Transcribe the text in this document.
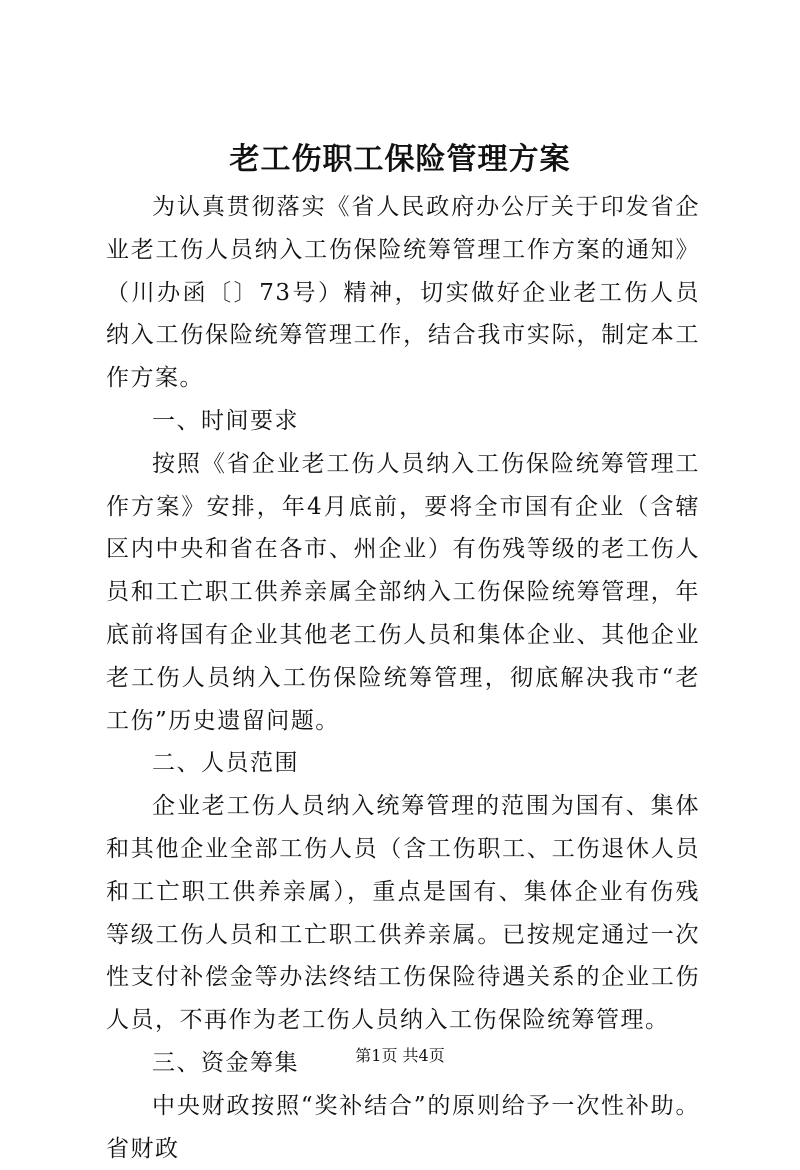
老工伤职工保险管理方案

为认真贯彻落实《省人民政府办公厅关于印发省企业老工伤人员纳入工伤保险统筹管理工作方案的通知》（川办函〔〕73号）精神，切实做好企业老工伤人员纳入工伤保险统筹管理工作，结合我市实际，制定本工作方案。

一、时间要求

按照《省企业老工伤人员纳入工伤保险统筹管理工作方案》安排，年4月底前，要将全市国有企业（含辖区内中央和省在各市、州企业）有伤残等级的老工伤人员和工亡职工供养亲属全部纳入工伤保险统筹管理，年底前将国有企业其他老工伤人员和集体企业、其他企业老工伤人员纳入工伤保险统筹管理，彻底解决我市“老工伤”历史遗留问题。

二、人员范围

企业老工伤人员纳入统筹管理的范围为国有、集体和其他企业全部工伤人员（含工伤职工、工伤退休人员和工亡职工供养亲属），重点是国有、集体企业有伤残等级工伤人员和工亡职工供养亲属。已按规定通过一次性支付补偿金等办法终结工伤保险待遇关系的企业工伤人员，不再作为老工伤人员纳入工伤保险统筹管理。

三、资金筹集

中央财政按照“奖补结合”的原则给予一次性补助。省财政

第1页 共4页
